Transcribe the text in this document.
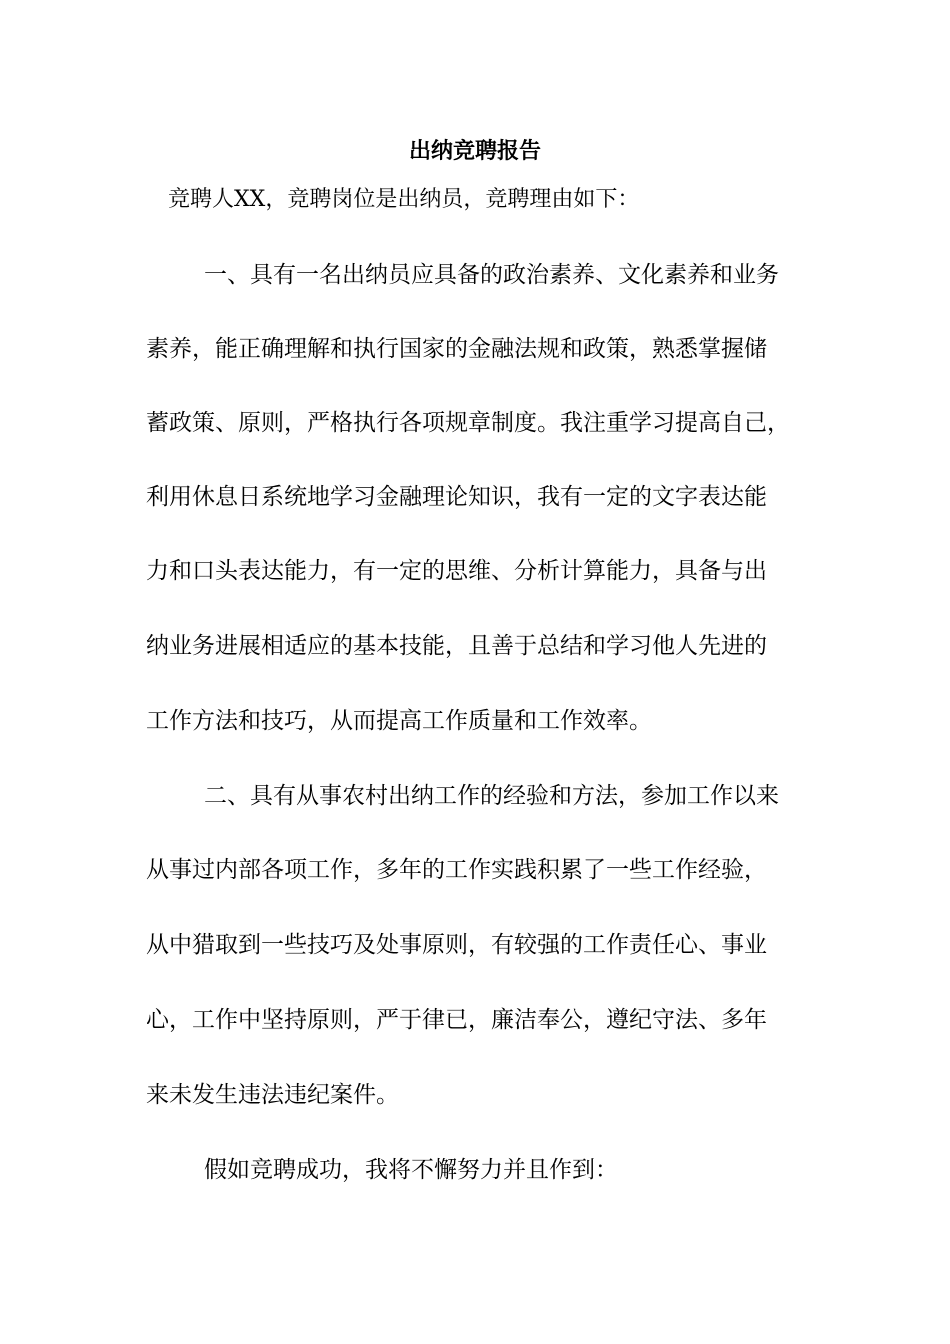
出纳竞聘报告
竞聘人XX，竞聘岗位是出纳员，竞聘理由如下：
一、具有一名出纳员应具备的政治素养、文化素养和业务
素养，能正确理解和执行国家的金融法规和政策，熟悉掌握储
蓄政策、原则，严格执行各项规章制度。我注重学习提高自己，
利用休息日系统地学习金融理论知识，我有一定的文字表达能
力和口头表达能力，有一定的思维、分析计算能力，具备与出
纳业务进展相适应的基本技能，且善于总结和学习他人先进的
工作方法和技巧，从而提高工作质量和工作效率。
二、具有从事农村出纳工作的经验和方法，参加工作以来
从事过内部各项工作，多年的工作实践积累了一些工作经验，
从中猎取到一些技巧及处事原则，有较强的工作责任心、事业
心，工作中坚持原则，严于律已，廉洁奉公，遵纪守法、多年
来未发生违法违纪案件。
假如竞聘成功，我将不懈努力并且作到：
